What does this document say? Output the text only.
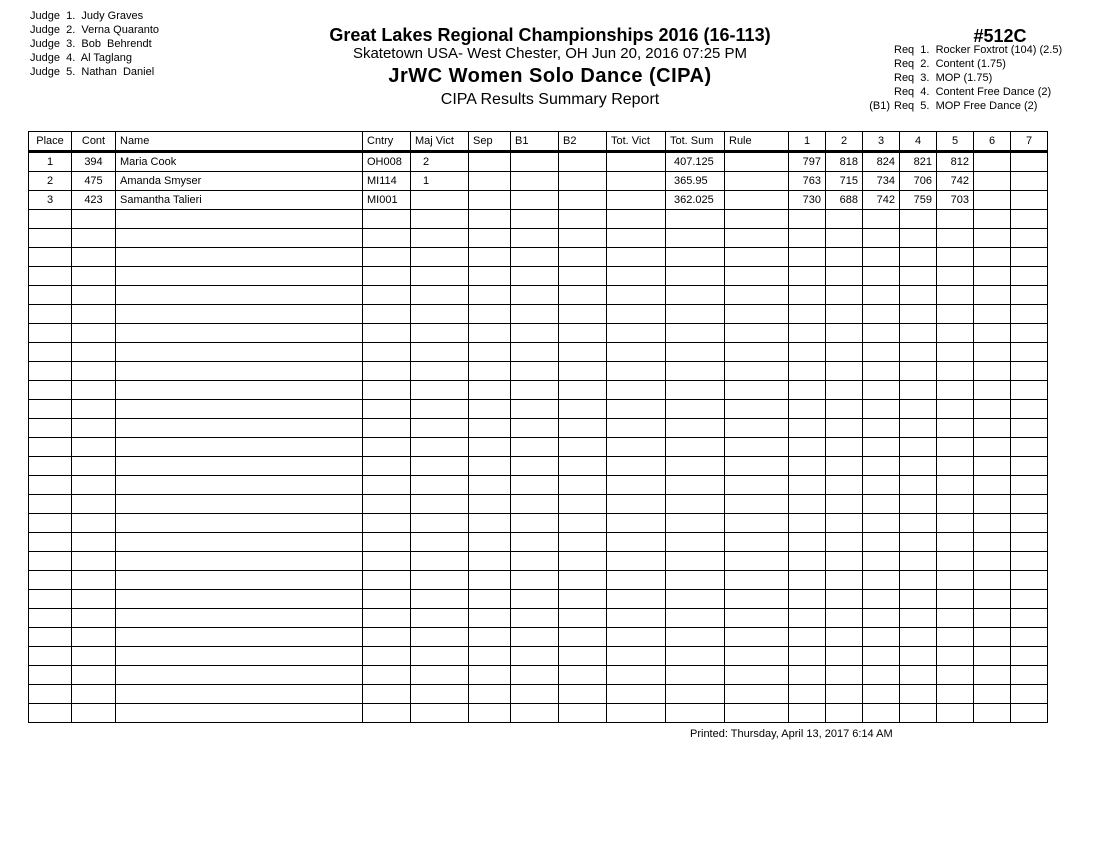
Judge  1.  Judy Graves
Judge  2.  Verna Quaranto
Judge  3.  Bob  Behrendt
Judge  4.  Al Taglang
Judge  5.  Nathan  Daniel
Great Lakes Regional Championships 2016 (16-113)
Skatetown USA- West Chester, OH Jun 20, 2016 07:25 PM
JrWC Women Solo Dance (CIPA)
CIPA Results Summary Report
#512C
Req  1.  Rocker Foxtrot (104) (2.5)
Req  2.  Content (1.75)
Req  3.  MOP (1.75)
Req  4.  Content Free Dance (2)
(B1) Req  5.  MOP Free Dance (2)
Place	Cont	Name	Cntry	Maj Vict	Sep	B1	B2	Tot. Vict	Tot. Sum	Rule	1	2	3	4	5	6	7
1	394	Maria Cook	OH008	2					407.125		797	818	824	821	812		
2	475	Amanda Smyser	MI114	1					365.95		763	715	734	706	742		
3	423	Samantha Talieri	MI001						362.025		730	688	742	759	703		

Printed: Thursday, April 13, 2017 6:14 AM
